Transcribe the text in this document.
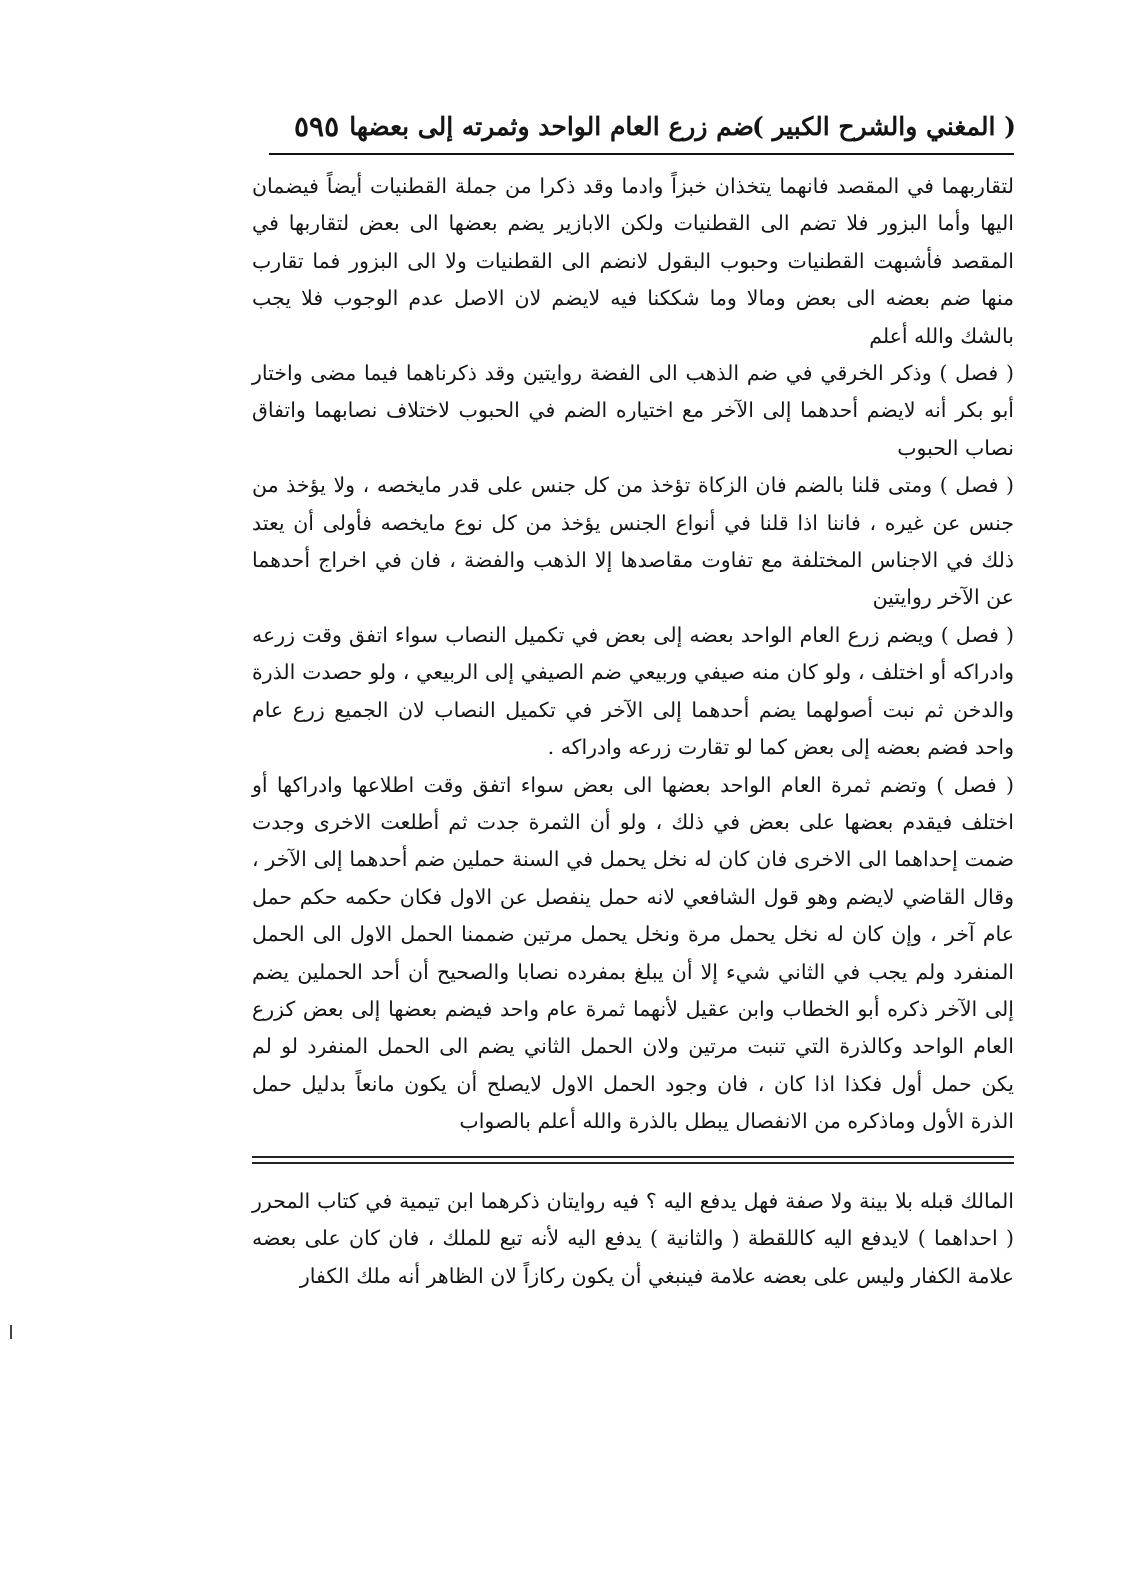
( المغني والشرح الكبير )
ضم زرع العام الواحد وثمرته إلى بعضها
٥٩٥

لتقاربهما في المقصد فانهما يتخذان خبزاً وادما وقد ذكرا من جملة القطنيات أيضاً فيضمان اليها وأما البزور فلا تضم الى القطنيات ولكن الابازير يضم بعضها الى بعض لتقاربها في المقصد فأشبهت القطنيات وحبوب البقول لانضم الى القطنيات ولا الى البزور فما تقارب منها ضم بعضه الى بعض ومالا وما شككنا فيه لايضم لان الاصل عدم الوجوب فلا يجب بالشك والله أعلم

( فصل ) وذكر الخرقي في ضم الذهب الى الفضة روايتين وقد ذكرناهما فيما مضى واختار أبو بكر أنه لايضم أحدهما إلى الآخر مع اختياره الضم في الحبوب لاختلاف نصابهما واتفاق نصاب الحبوب

( فصل ) ومتى قلنا بالضم فان الزكاة تؤخذ من كل جنس على قدر مايخصه ، ولا يؤخذ من جنس عن غيره ، فاننا اذا قلنا في أنواع الجنس يؤخذ من كل نوع مايخصه فأولى أن يعتد ذلك في الاجناس المختلفة مع تفاوت مقاصدها إلا الذهب والفضة ، فان في اخراج أحدهما عن الآخر روايتين

( فصل ) ويضم زرع العام الواحد بعضه إلى بعض في تكميل النصاب سواء اتفق وقت زرعه وادراكه أو اختلف ، ولو كان منه صيفي وربيعي ضم الصيفي إلى الربيعي ، ولو حصدت الذرة والدخن ثم نبت أصولهما يضم أحدهما إلى الآخر في تكميل النصاب لان الجميع زرع عام واحد فضم بعضه إلى بعض كما لو تقارت زرعه وادراكه .

( فصل ) وتضم ثمرة العام الواحد بعضها الى بعض سواء اتفق وقت اطلاعها وادراكها أو اختلف فيقدم بعضها على بعض في ذلك ، ولو أن الثمرة جدت ثم أطلعت الاخرى وجدت ضمت إحداهما الى الاخرى فان كان له نخل يحمل في السنة حملين ضم أحدهما إلى الآخر ، وقال القاضي لايضم وهو قول الشافعي لانه حمل ينفصل عن الاول فكان حكمه حكم حمل عام آخر ، وإن كان له نخل يحمل مرة ونخل يحمل مرتين ضممنا الحمل الاول الى الحمل المنفرد ولم يجب في الثاني شيء إلا أن يبلغ بمفرده نصابا والصحيح أن أحد الحملين يضم إلى الآخر ذكره أبو الخطاب وابن عقيل لأنهما ثمرة عام واحد فيضم بعضها إلى بعض كزرع العام الواحد وكالذرة التي تنبت مرتين ولان الحمل الثاني يضم الى الحمل المنفرد لو لم يكن حمل أول فكذا اذا كان ، فان وجود الحمل الاول لايصلح أن يكون مانعاً بدليل حمل الذرة الأول وماذكره من الانفصال يبطل بالذرة والله أعلم بالصواب

المالك قبله بلا بينة ولا صفة فهل يدفع اليه ؟ فيه روايتان ذكرهما ابن تيمية في كتاب المحرر ( احداهما ) لايدفع اليه كاللقطة ( والثانية ) يدفع اليه لأنه تبع للملك ، فان كان على بعضه علامة الكفار وليس على بعضه علامة فينبغي أن يكون ركازاً لان الظاهر أنه ملك الكفار
